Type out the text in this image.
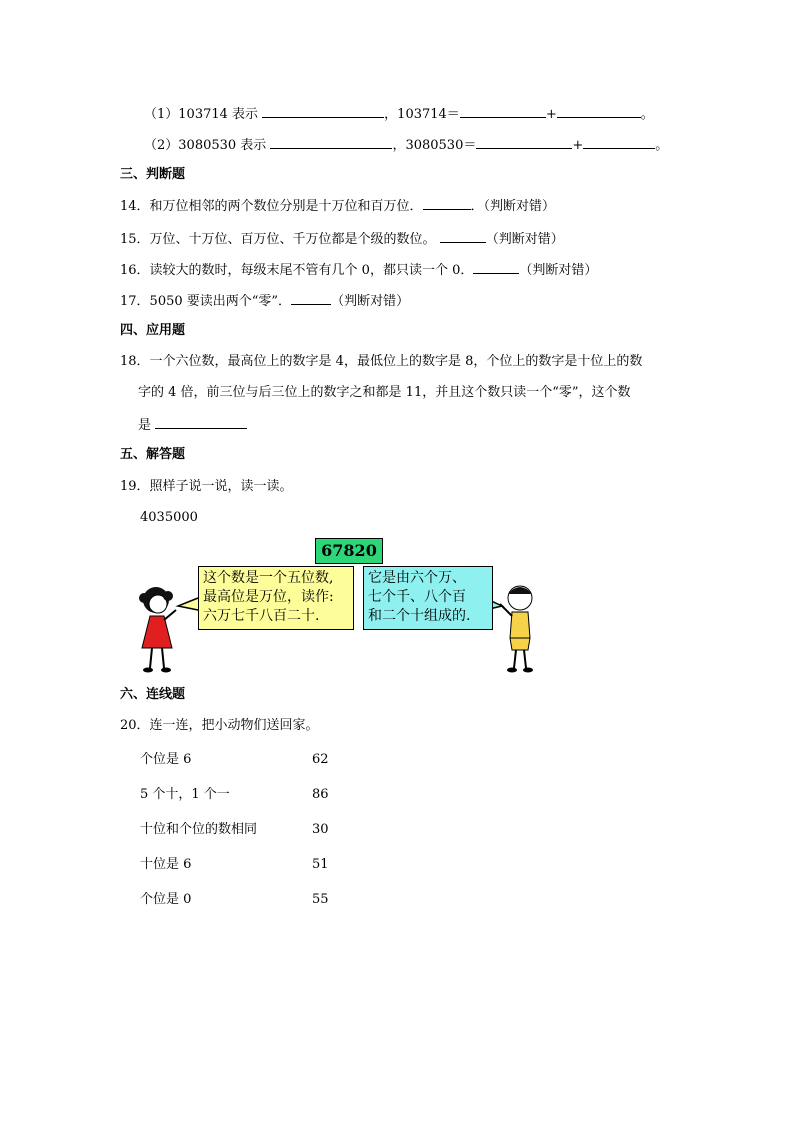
（1）103714 表示	，103714＝	+	。
（2）3080530 表示	，3080530＝	+	。
三、判断题
14．和万位相邻的两个数位分别是十万位和百万位．	．（判断对错）
15．万位、十万位、百万位、千万位都是个级的数位。	（判断对错）
16．读较大的数时，每级末尾不管有几个 0，都只读一个 0．	（判断对错）
17．5050 要读出两个“零”．	（判断对错）
四、应用题
18．一个六位数，最高位上的数字是 4，最低位上的数字是 8，个位上的数字是十位上的数
字的 4 倍，前三位与后三位上的数字之和都是 11，并且这个数只读一个“零”，这个数
是
五、解答题
19．照样子说一说，读一读。
4035000
67820
这个数是一个五位数,
最高位是万位，读作:
六万七千八百二十.
它是由六个万、
七个千、八个百
和二个十组成的.
六、连线题
20．连一连，把小动物们送回家。
个位是 6	62
5 个十，1 个一	86
十位和个位的数相同	30
十位是 6	51
个位是 0	55
